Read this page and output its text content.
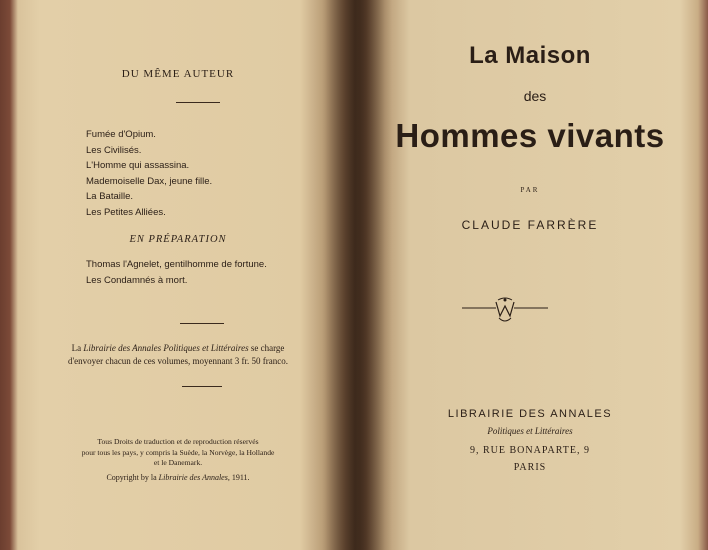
DU MÊME AUTEUR
Fumée d'Opium.
Les Civilisés.
L'Homme qui assassina.
Mademoiselle Dax, jeune fille.
La Bataille.
Les Petites Alliées.
EN PRÉPARATION
Thomas l'Agnelet, gentilhomme de fortune.
Les Condamnés à mort.
La Librairie des Annales Politiques et Littéraires se charge
d'envoyer chacun de ces volumes, moyennant 3 fr. 50 franco.
Tous Droits de traduction et de reproduction réservés
pour tous les pays, y compris la Suède, la Norvège, la Hollande
et le Danemark.
Copyright by la Librairie des Annales, 1911.
La Maison
des
Hommes vivants
PAR
CLAUDE FARRÈRE
LIBRAIRIE DES ANNALES
Politiques et Littéraires
9, RUE BONAPARTE, 9
PARIS
